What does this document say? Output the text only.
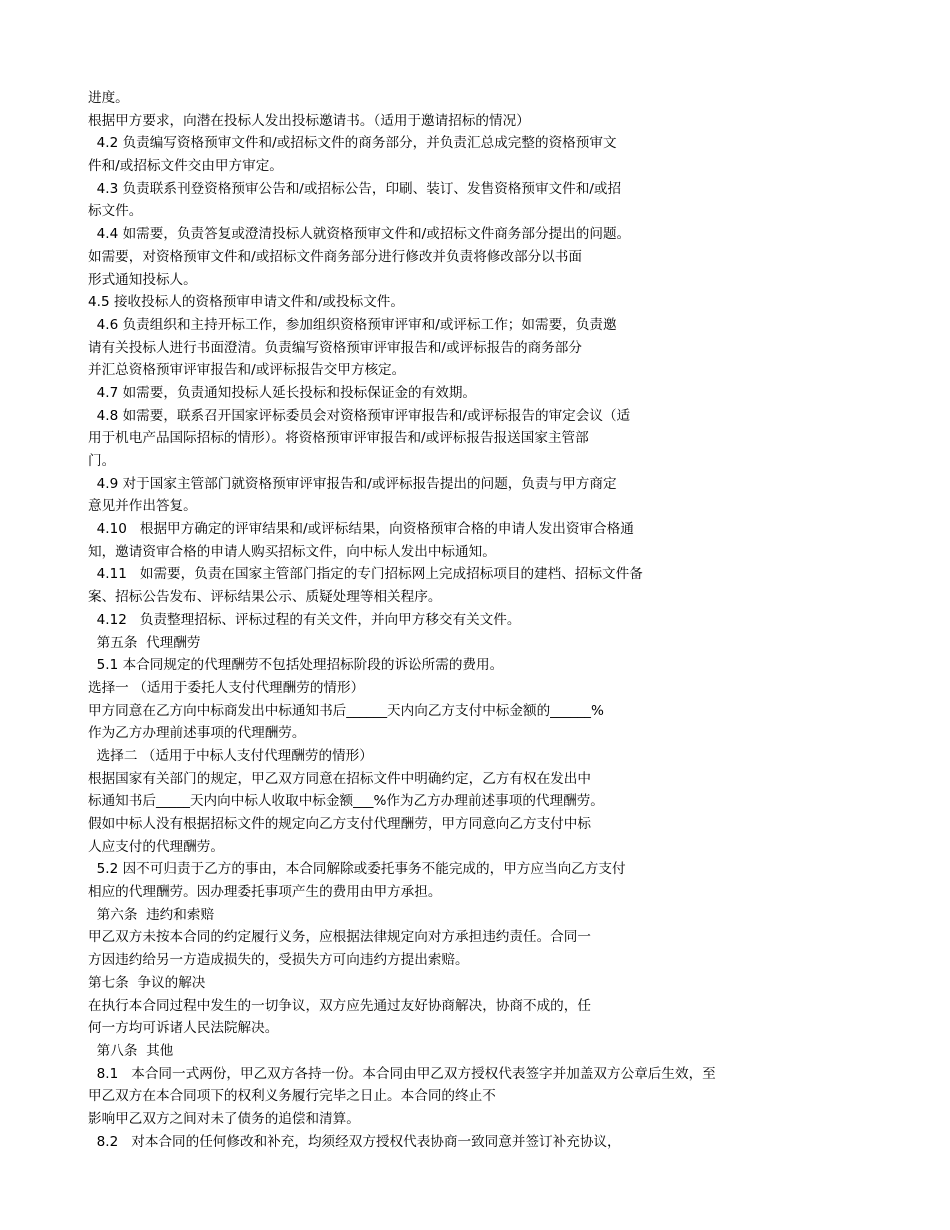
进度。
根据甲方要求，向潜在投标人发出投标邀请书。（适用于邀请招标的情况）
4.2 负责编写资格预审文件和/或招标文件的商务部分，并负责汇总成完整的资格预审文
件和/或招标文件交由甲方审定。
4.3 负责联系刊登资格预审公告和/或招标公告，印刷、装订、发售资格预审文件和/或招
标文件。
4.4 如需要，负责答复或澄清投标人就资格预审文件和/或招标文件商务部分提出的问题。
如需要，对资格预审文件和/或招标文件商务部分进行修改并负责将修改部分以书面
形式通知投标人。
4.5 接收投标人的资格预审申请文件和/或投标文件。
4.6 负责组织和主持开标工作，参加组织资格预审评审和/或评标工作；如需要，负责邀
请有关投标人进行书面澄清。负责编写资格预审评审报告和/或评标报告的商务部分
并汇总资格预审评审报告和/或评标报告交甲方核定。
4.7 如需要，负责通知投标人延长投标和投标保证金的有效期。
4.8 如需要，联系召开国家评标委员会对资格预审评审报告和/或评标报告的审定会议（适
用于机电产品国际招标的情形）。将资格预审评审报告和/或评标报告报送国家主管部
门。
4.9 对于国家主管部门就资格预审评审报告和/或评标报告提出的问题，负责与甲方商定
意见并作出答复。
4.10   根据甲方确定的评审结果和/或评标结果，向资格预审合格的申请人发出资审合格通
知，邀请资审合格的申请人购买招标文件，向中标人发出中标通知。
4.11   如需要，负责在国家主管部门指定的专门招标网上完成招标项目的建档、招标文件备
案、招标公告发布、评标结果公示、质疑处理等相关程序。
4.12   负责整理招标、评标过程的有关文件，并向甲方移交有关文件。
第五条  代理酬劳
5.1 本合同规定的代理酬劳不包括处理招标阶段的诉讼所需的费用。
选择一 （适用于委托人支付代理酬劳的情形）
甲方同意在乙方向中标商发出中标通知书后______天内向乙方支付中标金额的______%
作为乙方办理前述事项的代理酬劳。
选择二 （适用于中标人支付代理酬劳的情形）
根据国家有关部门的规定，甲乙双方同意在招标文件中明确约定，乙方有权在发出中
标通知书后_____天内向中标人收取中标金额___%作为乙方办理前述事项的代理酬劳。
假如中标人没有根据招标文件的规定向乙方支付代理酬劳，甲方同意向乙方支付中标
人应支付的代理酬劳。
5.2 因不可归责于乙方的事由，本合同解除或委托事务不能完成的，甲方应当向乙方支付
相应的代理酬劳。因办理委托事项产生的费用由甲方承担。
第六条  违约和索赔
甲乙双方未按本合同的约定履行义务，应根据法律规定向对方承担违约责任。合同一
方因违约给另一方造成损失的，受损失方可向违约方提出索赔。
第七条  争议的解决
在执行本合同过程中发生的一切争议，双方应先通过友好协商解决，协商不成的，任
何一方均可诉诸人民法院解决。
第八条  其他
8.1   本合同一式两份，甲乙双方各持一份。本合同由甲乙双方授权代表签字并加盖双方公章后生效，至
甲乙双方在本合同项下的权利义务履行完毕之日止。本合同的终止不
影响甲乙双方之间对未了债务的追偿和清算。
8.2   对本合同的任何修改和补充，均须经双方授权代表协商一致同意并签订补充协议，
